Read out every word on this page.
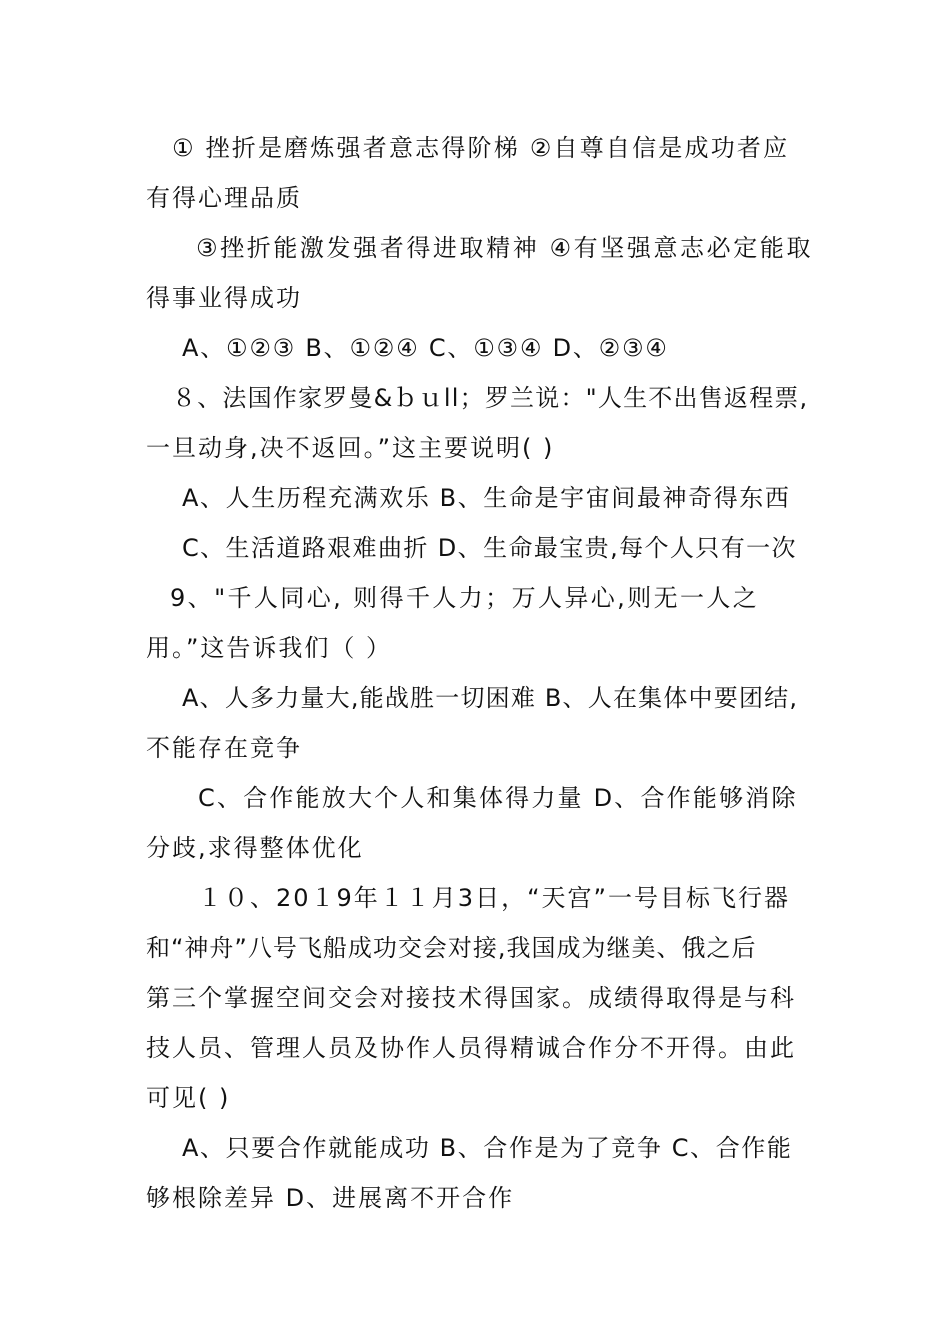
① 挫折是磨炼强者意志得阶梯 ②自尊自信是成功者应
有得心理品质
③挫折能激发强者得进取精神 ④有坚强意志必定能取
得事业得成功
A、①②③ B、①②④ C、①③④ D、②③④
８、法国作家罗曼&ｂｕll；罗兰说："人生不出售返程票,
一旦动身,决不返回。”这主要说明( )
A、人生历程充满欢乐 B、生命是宇宙间最神奇得东西
C、生活道路艰难曲折 D、生命最宝贵,每个人只有一次
9、"千人同心, 则得千人力；万人异心,则无一人之
用。”这告诉我们（ ）
A、人多力量大,能战胜一切困难 B、人在集体中要团结,
不能存在竞争
C、合作能放大个人和集体得力量 D、合作能够消除
分歧,求得整体优化
１０、20１9年１１月3日，“天宫”一号目标飞行器
和“神舟”八号飞船成功交会对接,我国成为继美、俄之后
第三个掌握空间交会对接技术得国家。成绩得取得是与科
技人员、管理人员及协作人员得精诚合作分不开得。由此
可见( )
A、只要合作就能成功 B、合作是为了竞争 C、合作能
够根除差异 D、进展离不开合作
